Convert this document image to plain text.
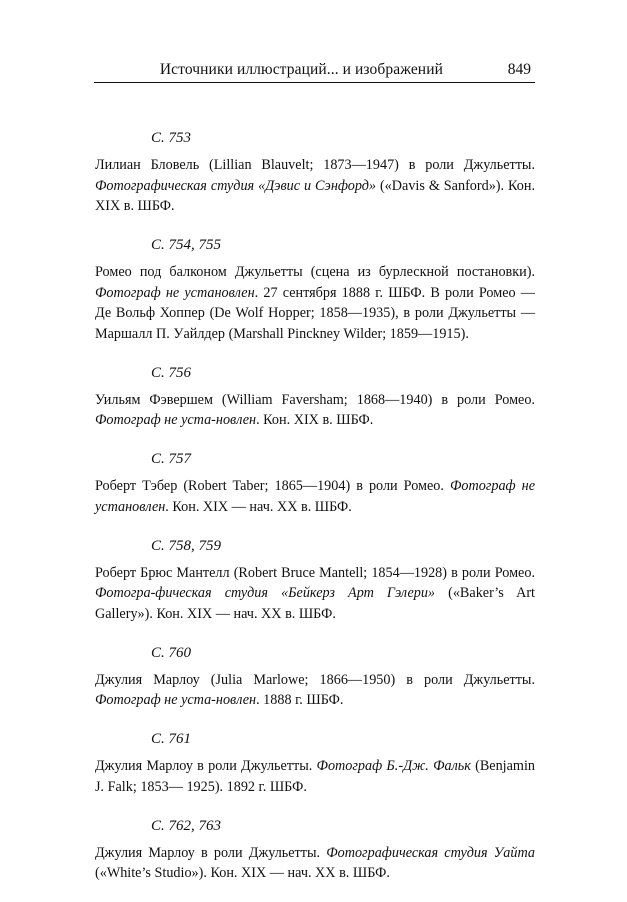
Источники иллюстраций... и изображений	849
С. 753

Лилиан Бловель (Lillian Blauvelt; 1873—1947) в роли Джульетты. Фотографическая студия «Дэвис и Сэнфорд» («Davis & Sanford»). Кон. XIX в. ШБФ.

С. 754, 755

Ромео под балконом Джульетты (сцена из бурлескной постановки). Фотограф не установлен. 27 сентября 1888 г. ШБФ. В роли Ромео — Де Вольф Хоппер (De Wolf Hopper; 1858—1935), в роли Джульетты — Маршалл П. Уайлдер (Marshall Pinckney Wilder; 1859—1915).

С. 756

Уильям Фэвершем (William Faversham; 1868—1940) в роли Ромео. Фотограф не уста-новлен. Кон. XIX в. ШБФ.

С. 757

Роберт Тэбер (Robert Taber; 1865—1904) в роли Ромео. Фотограф не установлен. Кон. XIX — нач. XX в. ШБФ.

С. 758, 759

Роберт Брюс Мантелл (Robert Bruce Mantell; 1854—1928) в роли Ромео. Фотогра-фическая студия «Бейкерз Арт Гэлери» («Baker’s Art Gallery»). Кон. XIX — нач. XX в. ШБФ.

С. 760

Джулия Марлоу (Julia Marlowe; 1866—1950) в роли Джульетты. Фотограф не уста-новлен. 1888 г. ШБФ.

С. 761

Джулия Марлоу в роли Джульетты. Фотограф Б.-Дж. Фальк (Benjamin J. Falk; 1853— 1925). 1892 г. ШБФ.

С. 762, 763

Джулия Марлоу в роли Джульетты. Фотографическая студия Уайта («White’s Studio»). Кон. XIX — нач. XX в. ШБФ.
